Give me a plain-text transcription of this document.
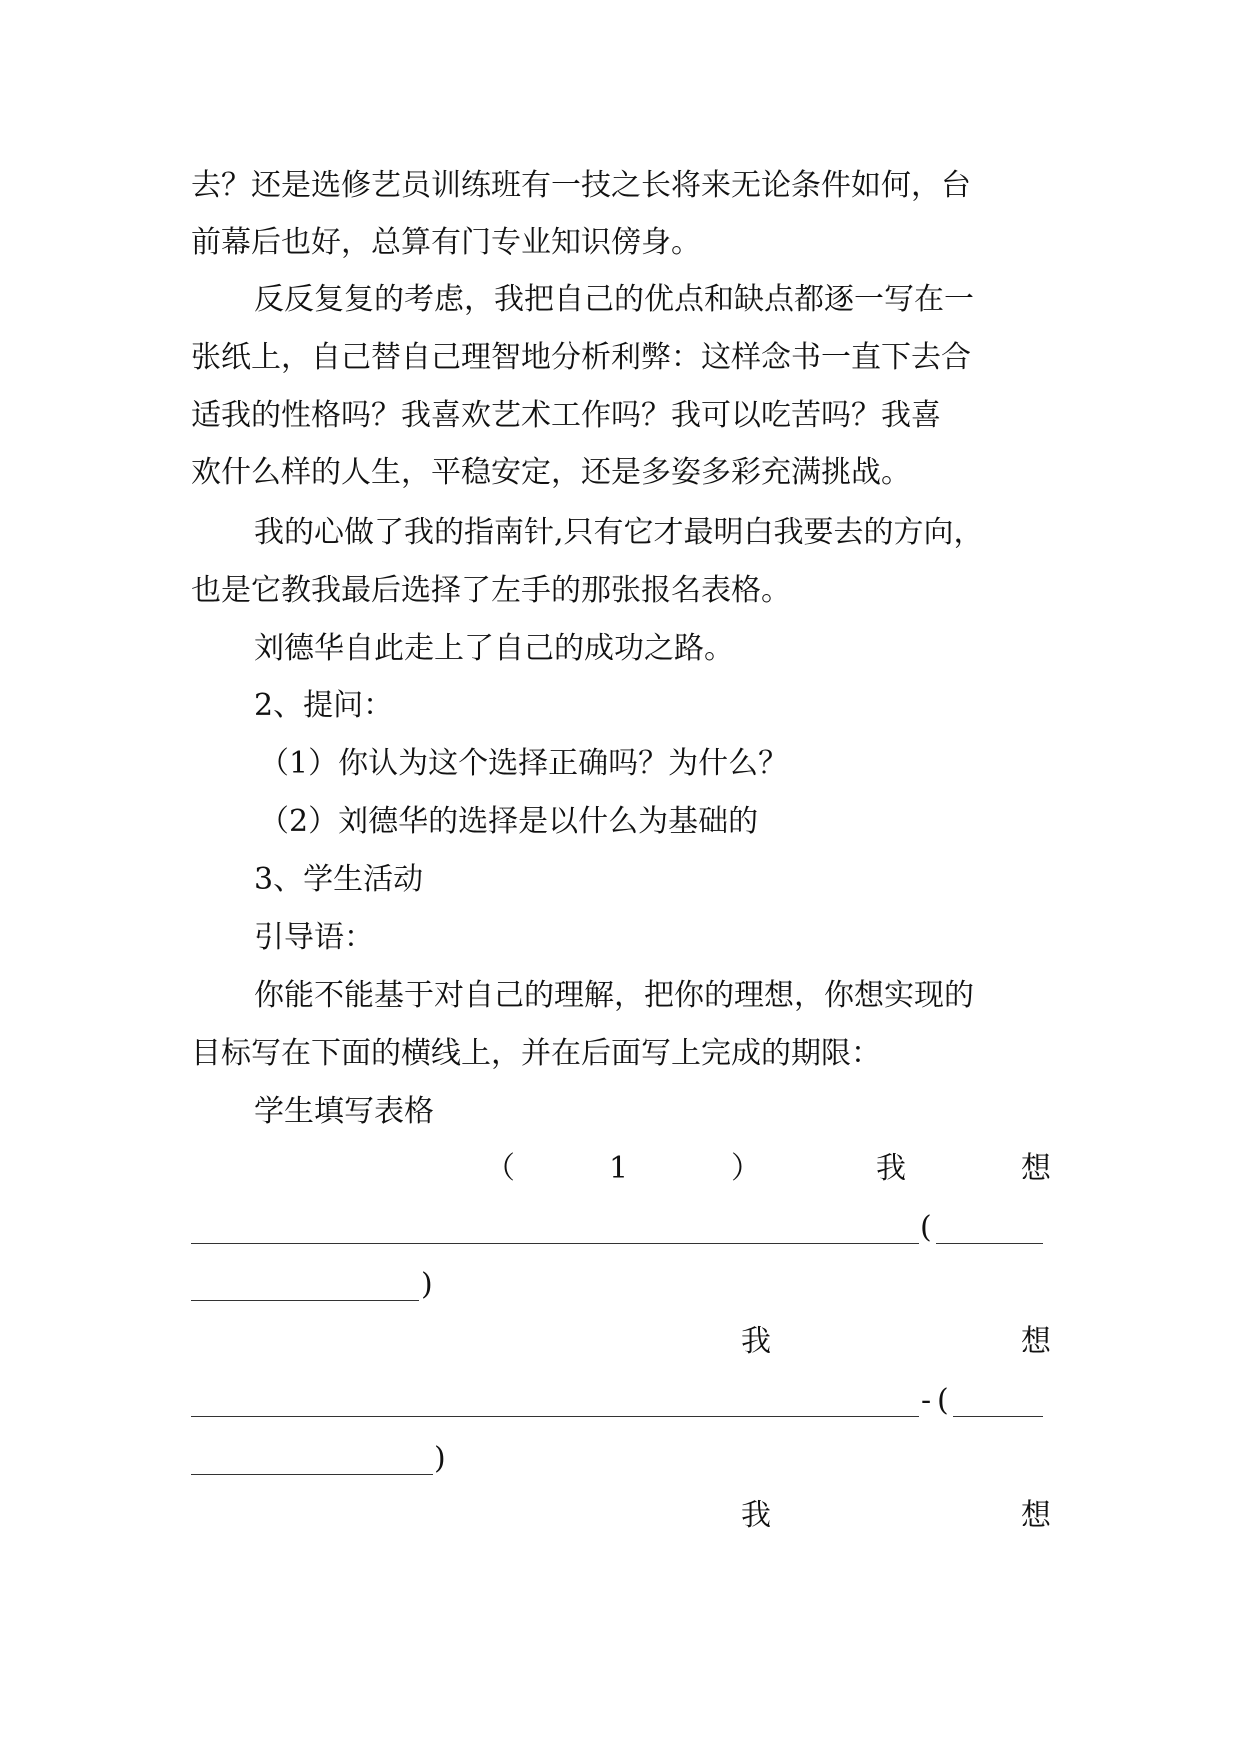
去？还是选修艺员训练班有一技之长将来无论条件如何，台
前幕后也好，总算有门专业知识傍身。
反反复复的考虑，我把自己的优点和缺点都逐一写在一
张纸上，自己替自己理智地分析利弊：这样念书一直下去合
适我的性格吗？我喜欢艺术工作吗？我可以吃苦吗？我喜
欢什么样的人生，平稳安定，还是多姿多彩充满挑战。
我的心做了我的指南针,只有它才最明白我要去的方向，
也是它教我最后选择了左手的那张报名表格。
刘德华自此走上了自己的成功之路。
2、提问：
（1）你认为这个选择正确吗？为什么？
（2）刘德华的选择是以什么为基础的
3、学生活动
引导语：
你能不能基于对自己的理解，把你的理想，你想实现的
目标写在下面的横线上，并在后面写上完成的期限：
学生填写表格
（	1	）	我	想
(
)
我	想
- (
)
我	想
